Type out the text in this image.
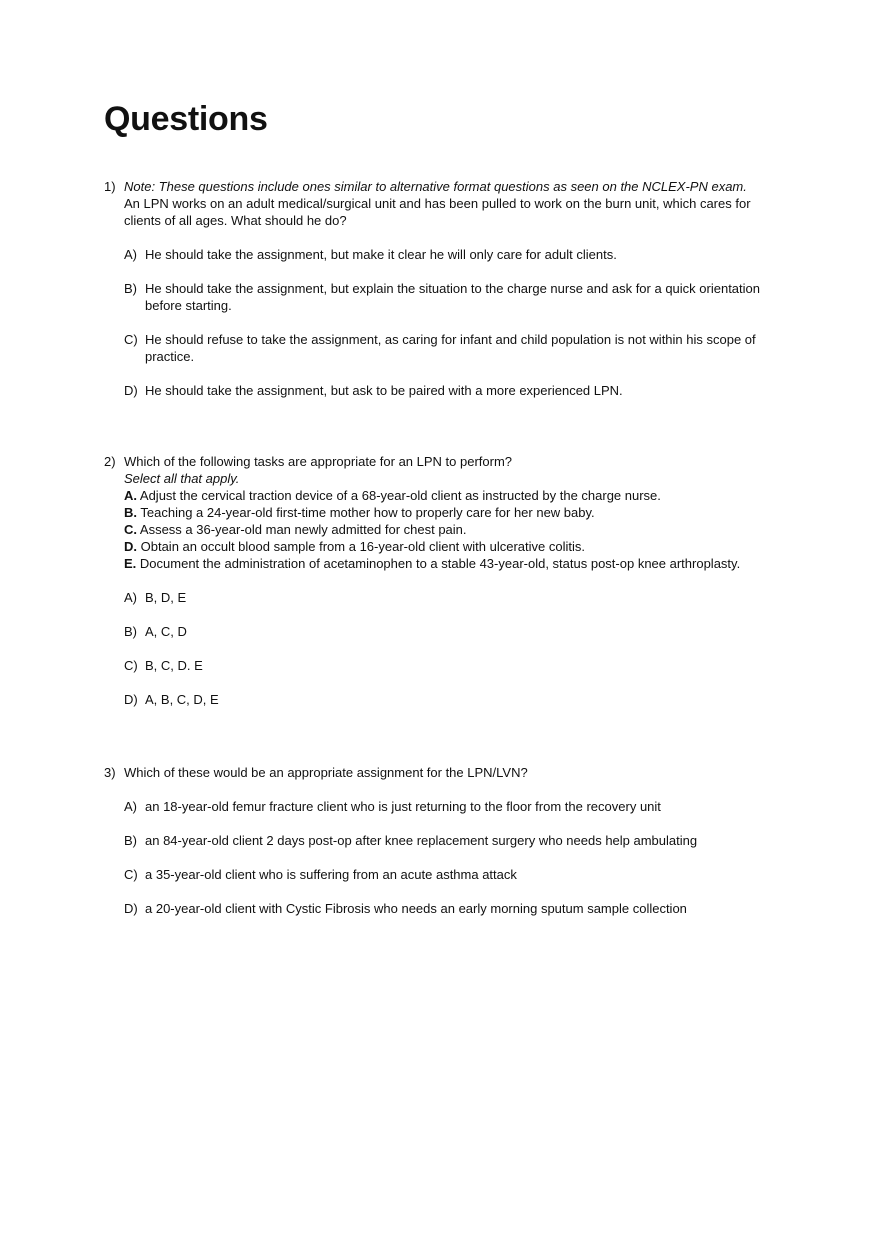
Questions
1) Note: These questions include ones similar to alternative format questions as seen on the NCLEX-PN exam.
An LPN works on an adult medical/surgical unit and has been pulled to work on the burn unit, which cares for clients of all ages. What should he do?
A) He should take the assignment, but make it clear he will only care for adult clients.
B) He should take the assignment, but explain the situation to the charge nurse and ask for a quick orientation before starting.
C) He should refuse to take the assignment, as caring for infant and child population is not within his scope of practice.
D) He should take the assignment, but ask to be paired with a more experienced LPN.
2) Which of the following tasks are appropriate for an LPN to perform?
Select all that apply.
A. Adjust the cervical traction device of a 68-year-old client as instructed by the charge nurse.
B. Teaching a 24-year-old first-time mother how to properly care for her new baby.
C. Assess a 36-year-old man newly admitted for chest pain.
D. Obtain an occult blood sample from a 16-year-old client with ulcerative colitis.
E. Document the administration of acetaminophen to a stable 43-year-old, status post-op knee arthroplasty.
A) B, D, E
B) A, C, D
C) B, C, D. E
D) A, B, C, D, E
3) Which of these would be an appropriate assignment for the LPN/LVN?
A) an 18-year-old femur fracture client who is just returning to the floor from the recovery unit
B) an 84-year-old client 2 days post-op after knee replacement surgery who needs help ambulating
C) a 35-year-old client who is suffering from an acute asthma attack
D) a 20-year-old client with Cystic Fibrosis who needs an early morning sputum sample collection
